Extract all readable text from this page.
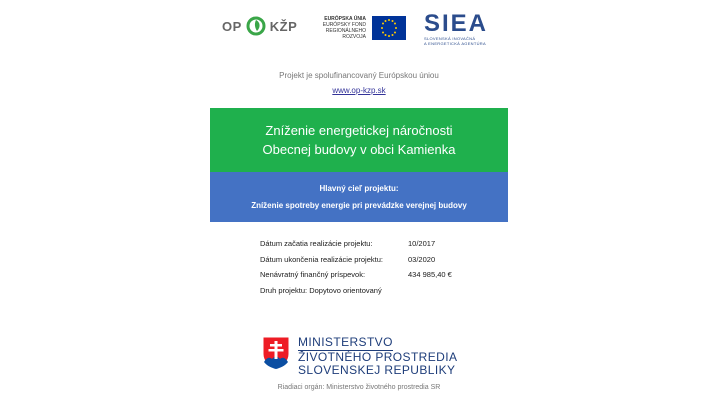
OP KŽP	EURÓPSKA ÚNIA
EURÓPSKY FOND
REGIONÁLNEHO ROZVOJA SIEA
SLOVENSKÁ INOVAČNÁ
A ENERGETICKÁ AGENTÚRA
Projekt je spolufinancovaný Európskou úniou
www.op-kzp.sk
Zníženie energetickej náročnosti
Obecnej budovy v obci Kamienka
Hlavný cieľ projektu:
Zníženie spotreby energie pri prevádzke verejnej budovy
Dátum začatia realizácie projektu:	10/2017
Dátum ukončenia realizácie projektu:	03/2020
Nenávratný finančný príspevok:	434 985,40 €
Druh projektu: Dopytovo orientovaný
MINISTERSTVO
ŽIVOTNÉHO PROSTREDIA
SLOVENSKEJ REPUBLIKY
Riadiaci orgán: Ministerstvo životného prostredia SR
